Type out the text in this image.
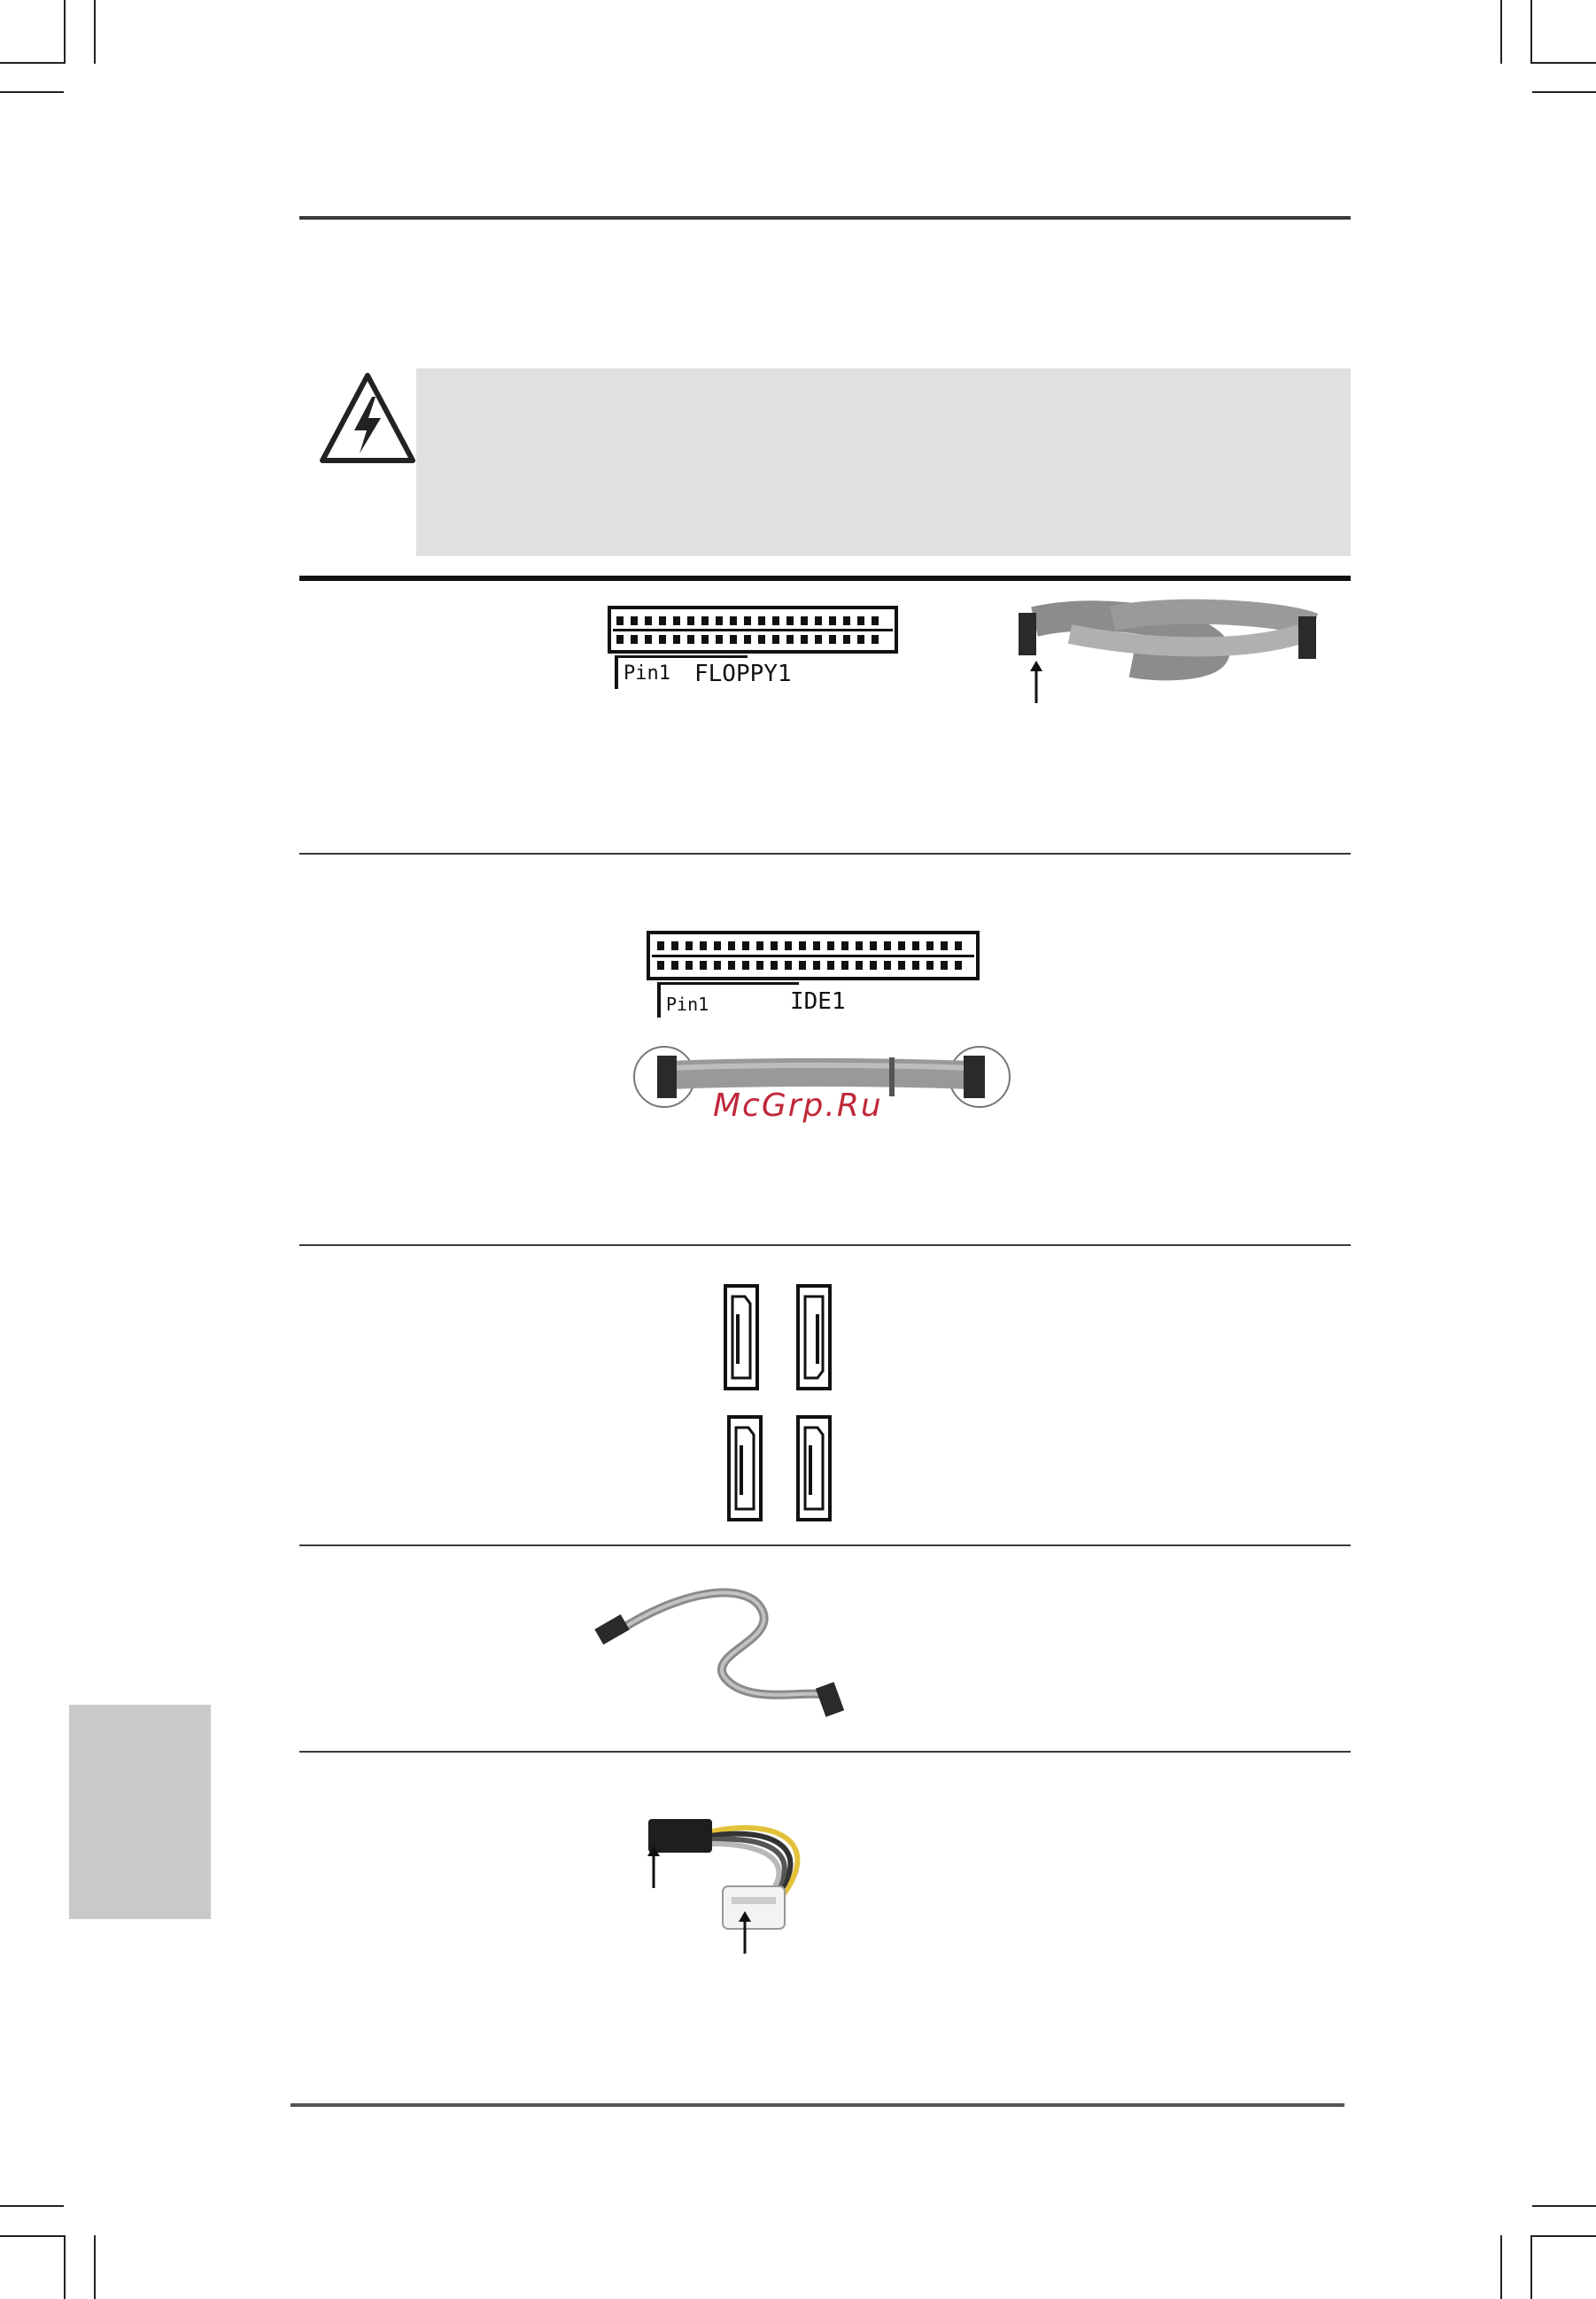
Pin1 FLOPPY1
Pin1	IDE1
McGrp.Ru
